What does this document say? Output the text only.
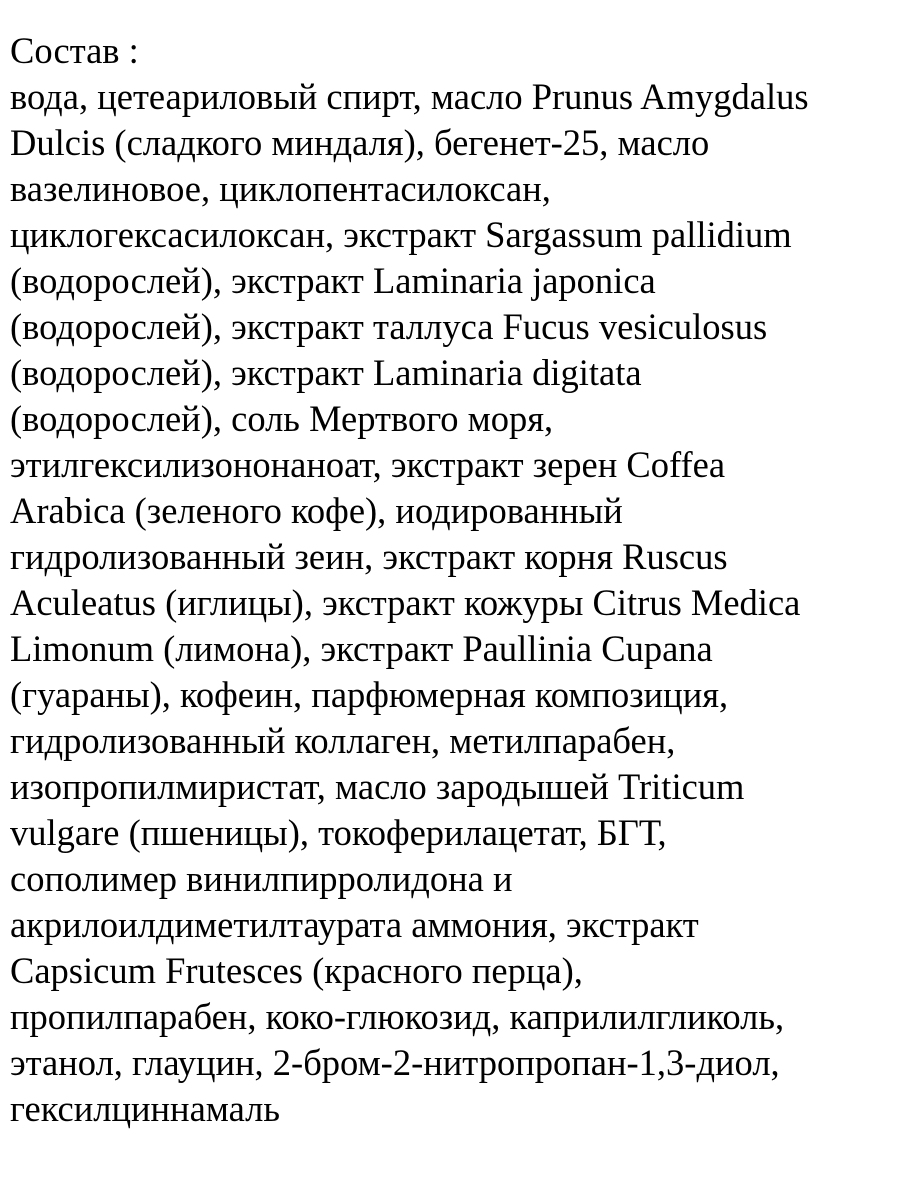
Состав :
вода, цетеариловый спирт, масло Prunus Amygdalus
Dulcis (сладкого миндаля), бегенет-25, масло
вазелиновое, циклопентасилоксан,
циклогексасилоксан, экстракт Sargassum pallidium
(водорослей), экстракт Laminaria japonica
(водорослей), экстракт таллуса Fucus vesiculosus
(водорослей), экстракт Laminaria digitata
(водорослей), соль Мертвого моря,
этилгексилизононаноат, экстракт зерен Coffea
Arabica (зеленого кофе), иодированный
гидролизованный зеин, экстракт корня Ruscus
Aculeatus (иглицы), экстракт кожуры Citrus Medica
Limonum (лимона), экстракт Paullinia Cupana
(гуараны), кофеин, парфюмерная композиция,
гидролизованный коллаген, метилпарабен,
изопропилмиристат, масло зародышей Triticum
vulgare (пшеницы), токоферилацетат, БГТ,
сополимер винилпирролидона и
акрилоилдиметилтаурата аммония, экстракт
Capsicum Frutesces (красного перца),
пропилпарабен, коко-глюкозид, каприлилгликоль,
этанол, глауцин, 2-бром-2-нитропропан-1,3-диол,
гексилциннамаль
